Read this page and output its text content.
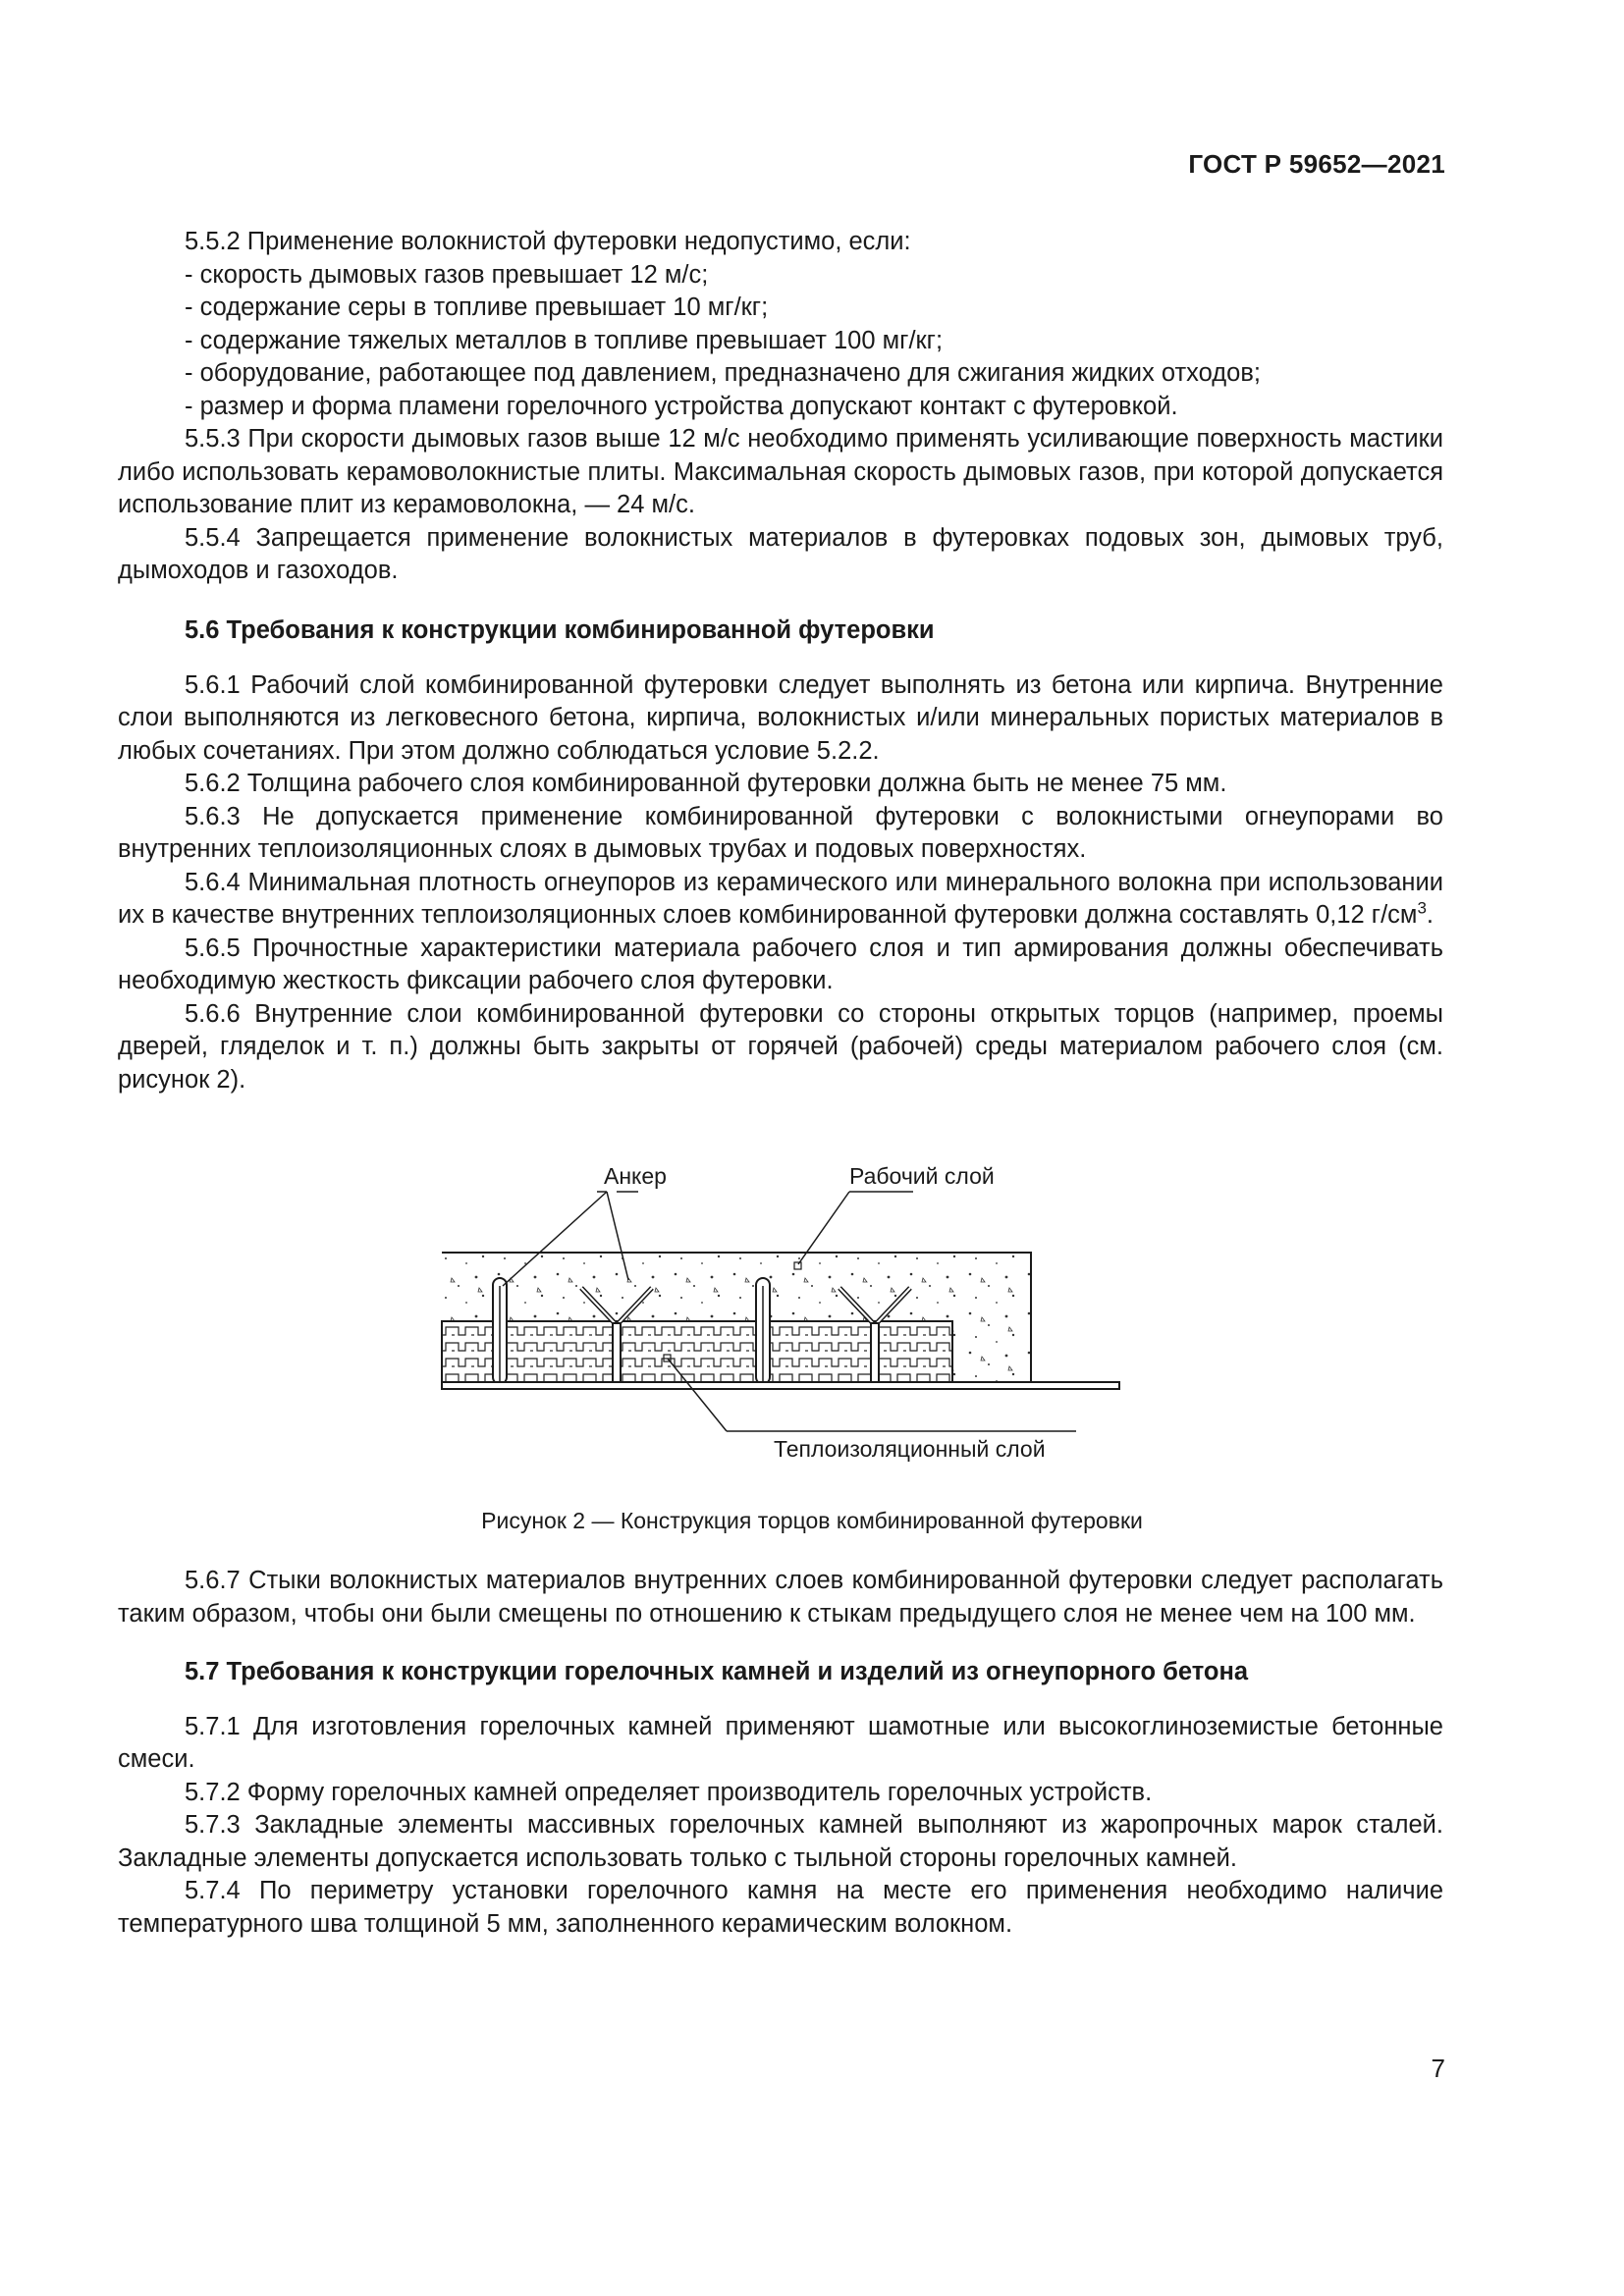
ГОСТ Р 59652—2021

5.5.2 Применение волокнистой футеровки недопустимо, если:

- скорость дымовых газов превышает 12 м/с;

- содержание серы в топливе превышает 10 мг/кг;

- содержание тяжелых металлов в топливе превышает 100 мг/кг;

- оборудование, работающее под давлением, предназначено для сжигания жидких отходов;

- размер и форма пламени горелочного устройства допускают контакт с футеровкой.

5.5.3 При скорости дымовых газов выше 12 м/с необходимо применять усиливающие поверхность мастики либо использовать керамоволокнистые плиты. Максимальная скорость дымовых газов, при которой допускается использование плит из керамоволокна, — 24 м/с.

5.5.4 Запрещается применение волокнистых материалов в футеровках подовых зон, дымовых труб, дымоходов и газоходов.

5.6 Требования к конструкции комбинированной футеровки

5.6.1 Рабочий слой комбинированной футеровки следует выполнять из бетона или кирпича. Внутренние слои выполняются из легковесного бетона, кирпича, волокнистых и/или минеральных пористых материалов в любых сочетаниях. При этом должно соблюдаться условие 5.2.2.

5.6.2 Толщина рабочего слоя комбинированной футеровки должна быть не менее 75 мм.

5.6.3 Не допускается применение комбинированной футеровки с волокнистыми огнеупорами во внутренних теплоизоляционных слоях в дымовых трубах и подовых поверхностях.

5.6.4 Минимальная плотность огнеупоров из керамического или минерального волокна при использовании их в качестве внутренних теплоизоляционных слоев комбинированной футеровки должна составлять 0,12 $г/см^3$.

5.6.5 Прочностные характеристики материала рабочего слоя и тип армирования должны обеспечивать необходимую жесткость фиксации рабочего слоя футеровки.

5.6.6 Внутренние слои комбинированной футеровки со стороны открытых торцов (например, проемы дверей, гляделок и т. п.) должны быть закрыты от горячей (рабочей) среды материалом рабочего слоя (см. рисунок 2).

Анкер	Рабочий слой
Теплоизоляционный слой
Рисунок 2 — Конструкция торцов комбинированной футеровки

5.6.7 Стыки волокнистых материалов внутренних слоев комбинированной футеровки следует располагать таким образом, чтобы они были смещены по отношению к стыкам предыдущего слоя не менее чем на 100 мм.

5.7 Требования к конструкции горелочных камней и изделий из огнеупорного бетона

5.7.1 Для изготовления горелочных камней применяют шамотные или высокоглиноземистые бетонные смеси.

5.7.2 Форму горелочных камней определяет производитель горелочных устройств.

5.7.3 Закладные элементы массивных горелочных камней выполняют из жаропрочных марок сталей. Закладные элементы допускается использовать только с тыльной стороны горелочных камней.

5.7.4 По периметру установки горелочного камня на месте его применения необходимо наличие температурного шва толщиной 5 мм, заполненного керамическим волокном.

7
